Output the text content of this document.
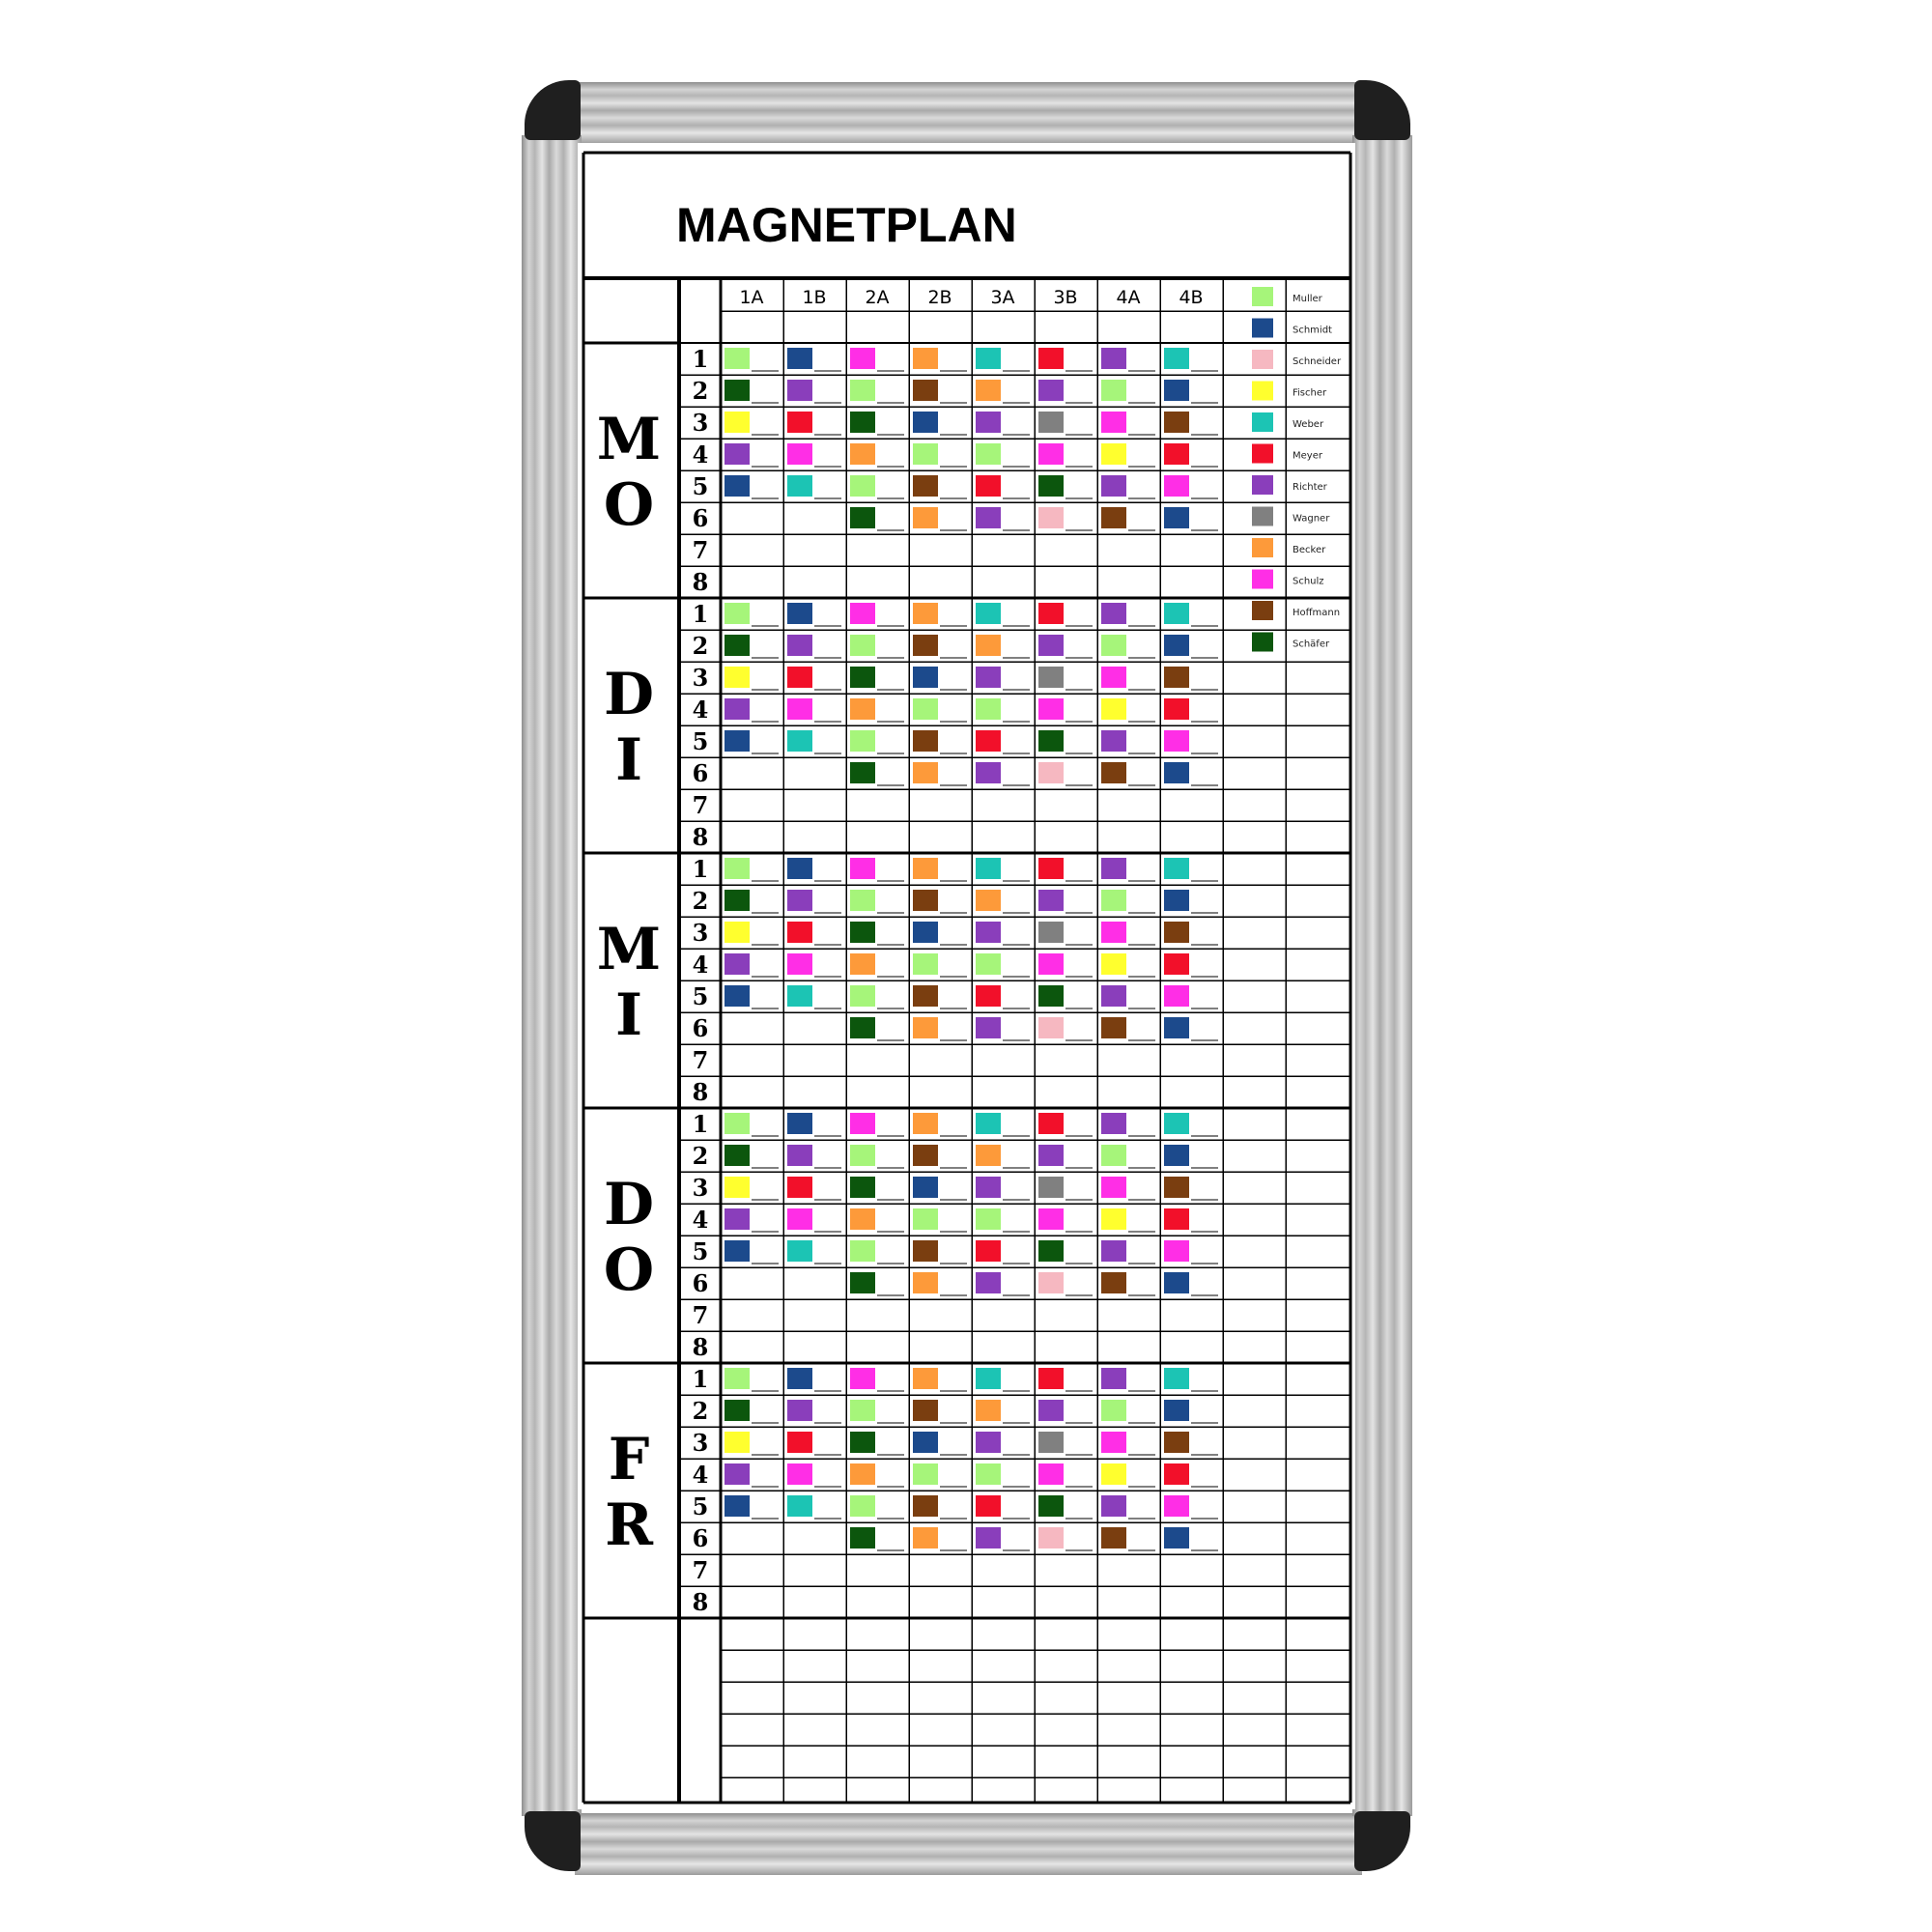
MAGNETPLAN
1A 1B 2A 2B 3A 3B 4A 4B
M
O
D
I
M
I
D
O
F
R
1
2
3
4
5
6
7
8
1
2
3
4
5
6
7
8
1
2
3
4
5
6
7
8
1
2
3
4
5
6
7
8
1
2
3
4
5
6
7
8
Muller
Schmidt
Schneider
Fischer
Weber
Meyer
Richter
Wagner
Becker
Schulz
Hoffmann
Schäfer
